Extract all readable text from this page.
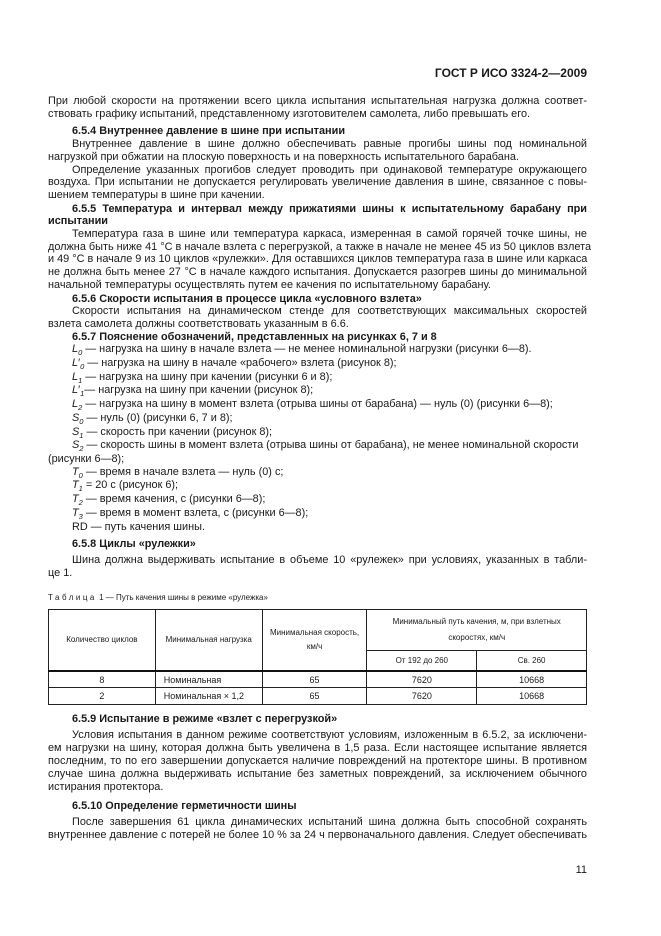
ГОСТ Р ИСО 3324-2—2009
При любой скорости на протяжении всего цикла испытания испытательная нагрузка должна соответ-
ствовать графику испытаний, представленному изготовителем самолета, либо превышать его.
6.5.4 Внутреннее давление в шине при испытании
Внутреннее давление в шине должно обеспечивать равные прогибы шины под номинальной
нагрузкой при обжатии на плоскую поверхность и на поверхность испытательного барабана.
Определение указанных прогибов следует проводить при одинаковой температуре окружающего
воздуха. При испытании не допускается регулировать увеличение давления в шине, связанное с повы-
шением температуры в шине при качении.
6.5.5 Температура и интервал между прижатиями шины к испытательному барабану при
испытании
Температура газа в шине или температура каркаса, измеренная в самой горячей точке шины, не
должна быть ниже 41 °C в начале взлета с перегрузкой, а также в начале не менее 45 из 50 циклов взлета
и 49 °C в начале 9 из 10 циклов «рулежки». Для оставшихся циклов температура газа в шине или каркаса
не должна быть менее 27 °C в начале каждого испытания. Допускается разогрев шины до минимальной
начальной температуры осуществлять путем ее качения по испытательному барабану.
6.5.6 Скорости испытания в процессе цикла «условного взлета»
Скорости испытания на динамическом стенде для соответствующих максимальных скоростей
взлета самолета должны соответствовать указанным в 6.6.
6.5.7 Пояснение обозначений, представленных на рисунках 6, 7 и 8
$L_0$ — нагрузка на шину в начале взлета — не менее номинальной нагрузки (рисунки 6—8).
$L'_0$ — нагрузка на шину в начале «рабочего» взлета (рисунок 8);
$L_1$ — нагрузка на шину при качении (рисунки 6 и 8);
$L'_1—$ нагрузка на шину при качении (рисунок 8);
$L_2$ — нагрузка на шину в момент взлета (отрыва шины от барабана) — нуль (0) (рисунки 6—8);
$S_0$ — нуль (0) (рисунки 6, 7 и 8);
$S_1$ — скорость при качении (рисунок 8);
$S_2$ — скорость шины в момент взлета (отрыва шины от барабана), не менее номинальной скорости
(рисунки 6—8);
$T_0$ — время в начале взлета — нуль (0) с;
$T_1 = 20$ с (рисунок 6);
$T_2$ — время качения, с (рисунки 6—8);
$T_3$ — время в момент взлета, с (рисунки 6—8);
RD — путь качения шины.
6.5.8 Циклы «рулежки»
Шина должна выдерживать испытание в объеме 10 «рулежек» при условиях, указанных в табли-
це 1.
Таблица 1 — Путь качения шины в режиме «рулежка»
Количество циклов	Минимальная нагрузка	Минимальная скорость, км/ч	Минимальный путь качения, м, при взлетных скоростях, км/ч	
			От 192 до 260	Св. 260
8	Номинальная	65	7620	10668
2	Номинальная × 1,2	65	7620	10668
6.5.9 Испытание в режиме «взлет с перегрузкой»
Условия испытания в данном режиме соответствуют условиям, изложенным в 6.5.2, за исключени-
ем нагрузки на шину, которая должна быть увеличена в 1,5 раза. Если настоящее испытание является
последним, то по его завершении допускается наличие повреждений на протекторе шины. В противном
случае шина должна выдерживать испытание без заметных повреждений, за исключением обычного
истирания протектора.
6.5.10 Определение герметичности шины
После завершения 61 цикла динамических испытаний шина должна быть способной сохранять
внутреннее давление с потерей не более 10 % за 24 ч первоначального давления. Следует обеспечивать
11
